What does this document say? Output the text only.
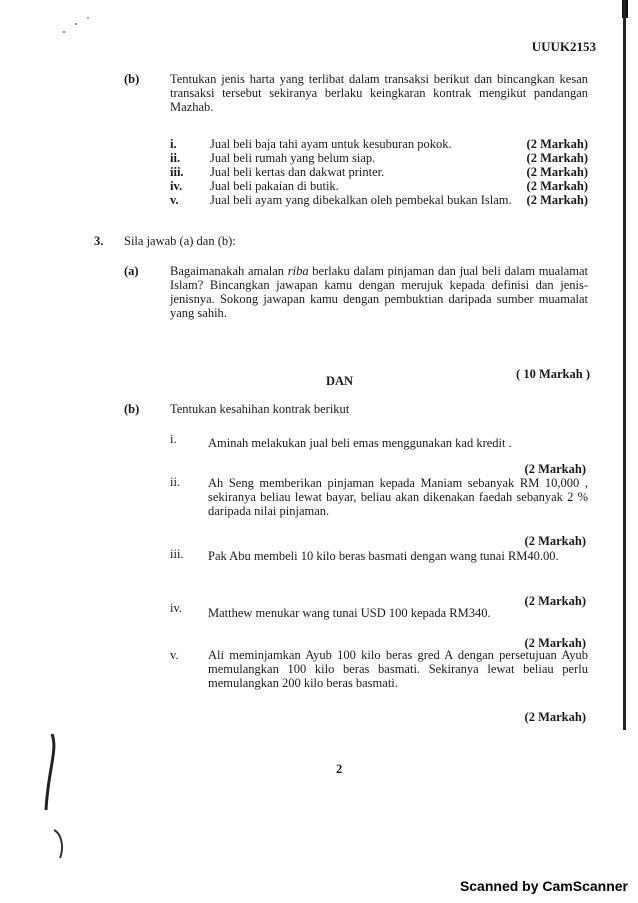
UUUK2153
(b) Tentukan jenis harta yang terlibat dalam transaksi berikut dan bincangkan kesan transaksi tersebut sekiranya berlaku keingkaran kontrak mengikut pandangan Mazhab.
i.	Jual beli baja tahi ayam untuk kesuburan pokok.	(2 Markah)
ii. Jual beli rumah yang belum siap.	(2 Markah)
iii. Jual beli kertas dan dakwat printer.	(2 Markah)
iv. Jual beli pakaian di butik.	(2 Markah)
v.	Jual beli ayam yang dibekalkan oleh pembekal bukan Islam. (2 Markah)
3. Sila jawab (a) dan (b):
(a)	Bagaimanakah amalan riba berlaku dalam pinjaman dan jual beli dalam mualamat Islam? Bincangkan jawapan kamu dengan merujuk kepada definisi dan jenis-jenisnya. Sokong jawapan kamu dengan pembuktian daripada sumber muamalat yang sahih.
( 10 Markah )
DAN
(b) Tentukan kesahihan kontrak berikut
i.	Aminah melakukan jual beli emas menggunakan kad kredit .
(2 Markah)
ii. Ah Seng memberikan pinjaman kepada Maniam sebanyak RM 10,000 , sekiranya beliau lewat bayar, beliau akan dikenakan faedah sebanyak 2 % daripada nilai pinjaman.
(2 Markah)
iii. Pak Abu membeli 10 kilo beras basmati dengan wang tunai RM40.00.
(2 Markah)
iv. Matthew menukar wang tunai USD 100 kepada RM340.
(2 Markah)
v. Ali meminjamkan Ayub 100 kilo beras gred A dengan persetujuan Ayub memulangkan 100 kilo beras basmati. Sekiranya lewat beliau perlu memulangkan 200 kilo beras basmati.
(2 Markah)
2
Scanned by CamScanner
